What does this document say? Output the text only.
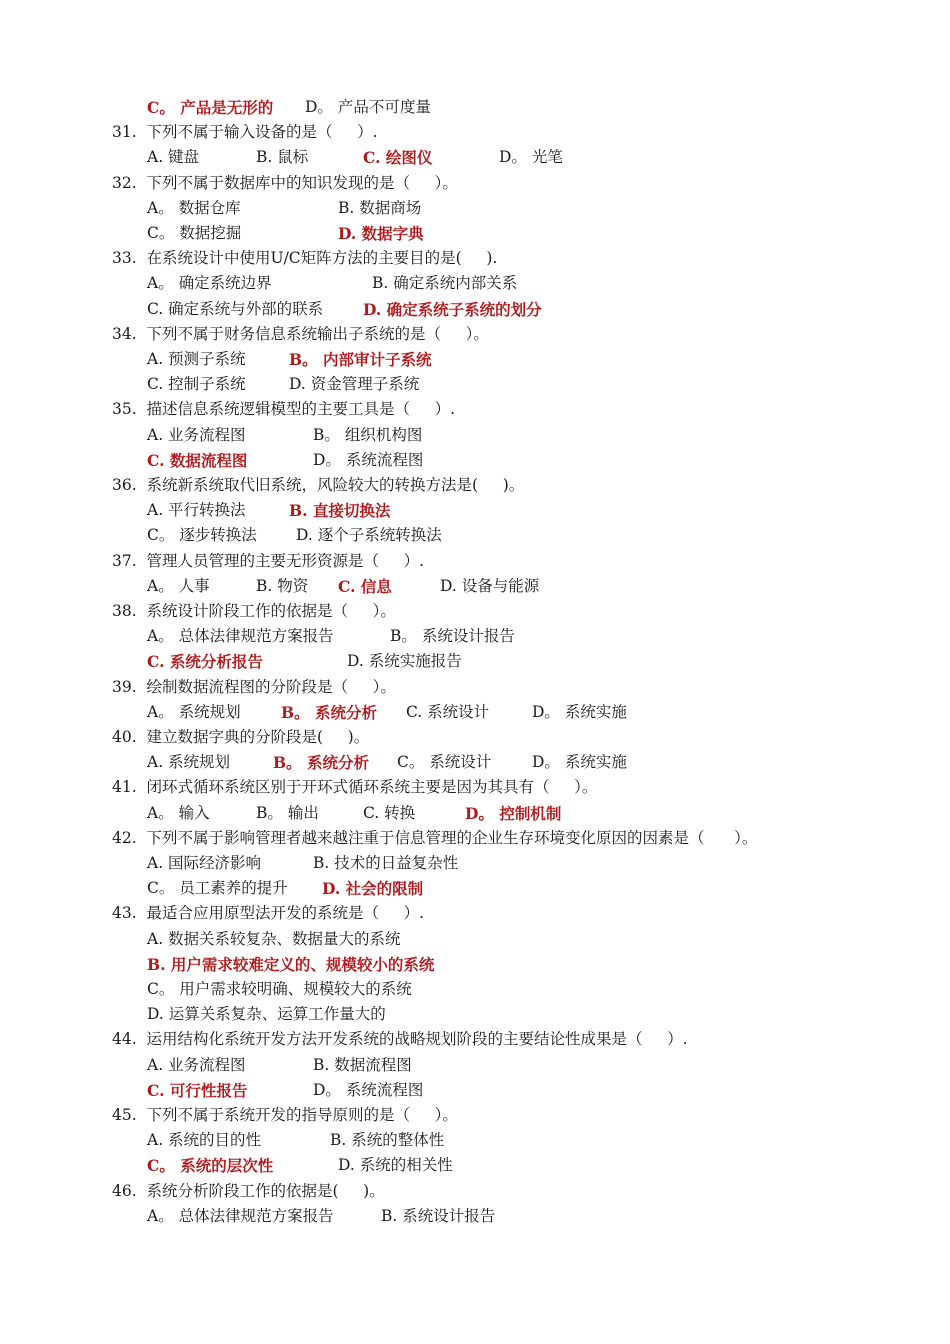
C。 产品是无形的 D。 产品不可度量
31.  下列不属于输入设备的是（     ）.
A. 键盘	B. 鼠标	C. 绘图仪	D。 光笔
32.  下列不属于数据库中的知识发现的是（     ）。
A。 数据仓库	B. 数据商场
C。 数据挖掘	D. 数据字典
33.  在系统设计中使用U/C矩阵方法的主要目的是(     ).
A。 确定系统边界	B. 确定系统内部关系
C. 确定系统与外部的联系	D. 确定系统子系统的划分
34.  下列不属于财务信息系统输出子系统的是（     ）。
A. 预测子系统	B。 内部审计子系统
C. 控制子系统	D. 资金管理子系统
35.  描述信息系统逻辑模型的主要工具是（     ）.
A. 业务流程图	B。 组织机构图
C. 数据流程图	D。 系统流程图
36.  系统新系统取代旧系统，风险较大的转换方法是(     )。
A. 平行转换法	B. 直接切换法
C。 逐步转换法	D. 逐个子系统转换法
37.  管理人员管理的主要无形资源是（     ）.
A。 人事	B. 物资 C. 信息	D. 设备与能源
38.  系统设计阶段工作的依据是（     ）。
A。 总体法律规范方案报告	B。 系统设计报告
C. 系统分析报告	D. 系统实施报告
39.  绘制数据流程图的分阶段是（     ）。
A。 系统规划	B。 系统分析 C. 系统设计	D。 系统实施
40.  建立数据字典的分阶段是(     )。
A. 系统规划	B。 系统分析 C。 系统设计	D。 系统实施
41.  闭环式循环系统区别于开环式循环系统主要是因为其具有（     ）。
A。 输入	B。 输出	C. 转换	D。 控制机制
42.  下列不属于影响管理者越来越注重于信息管理的企业生存环境变化原因的因素是（      ）。
A. 国际经济影响	B. 技术的日益复杂性
C。 员工素养的提升 D. 社会的限制
43.  最适合应用原型法开发的系统是（     ）.
A. 数据关系较复杂、数据量大的系统
B. 用户需求较难定义的、规模较小的系统
C。 用户需求较明确、规模较大的系统
D. 运算关系复杂、运算工作量大的
44.  运用结构化系统开发方法开发系统的战略规划阶段的主要结论性成果是（     ）.
A. 业务流程图	B. 数据流程图
C. 可行性报告	D。 系统流程图
45.  下列不属于系统开发的指导原则的是（     ）。
A. 系统的目的性	B. 系统的整体性
C。 系统的层次性	D. 系统的相关性
46.  系统分析阶段工作的依据是(     )。
A。 总体法律规范方案报告	B. 系统设计报告
